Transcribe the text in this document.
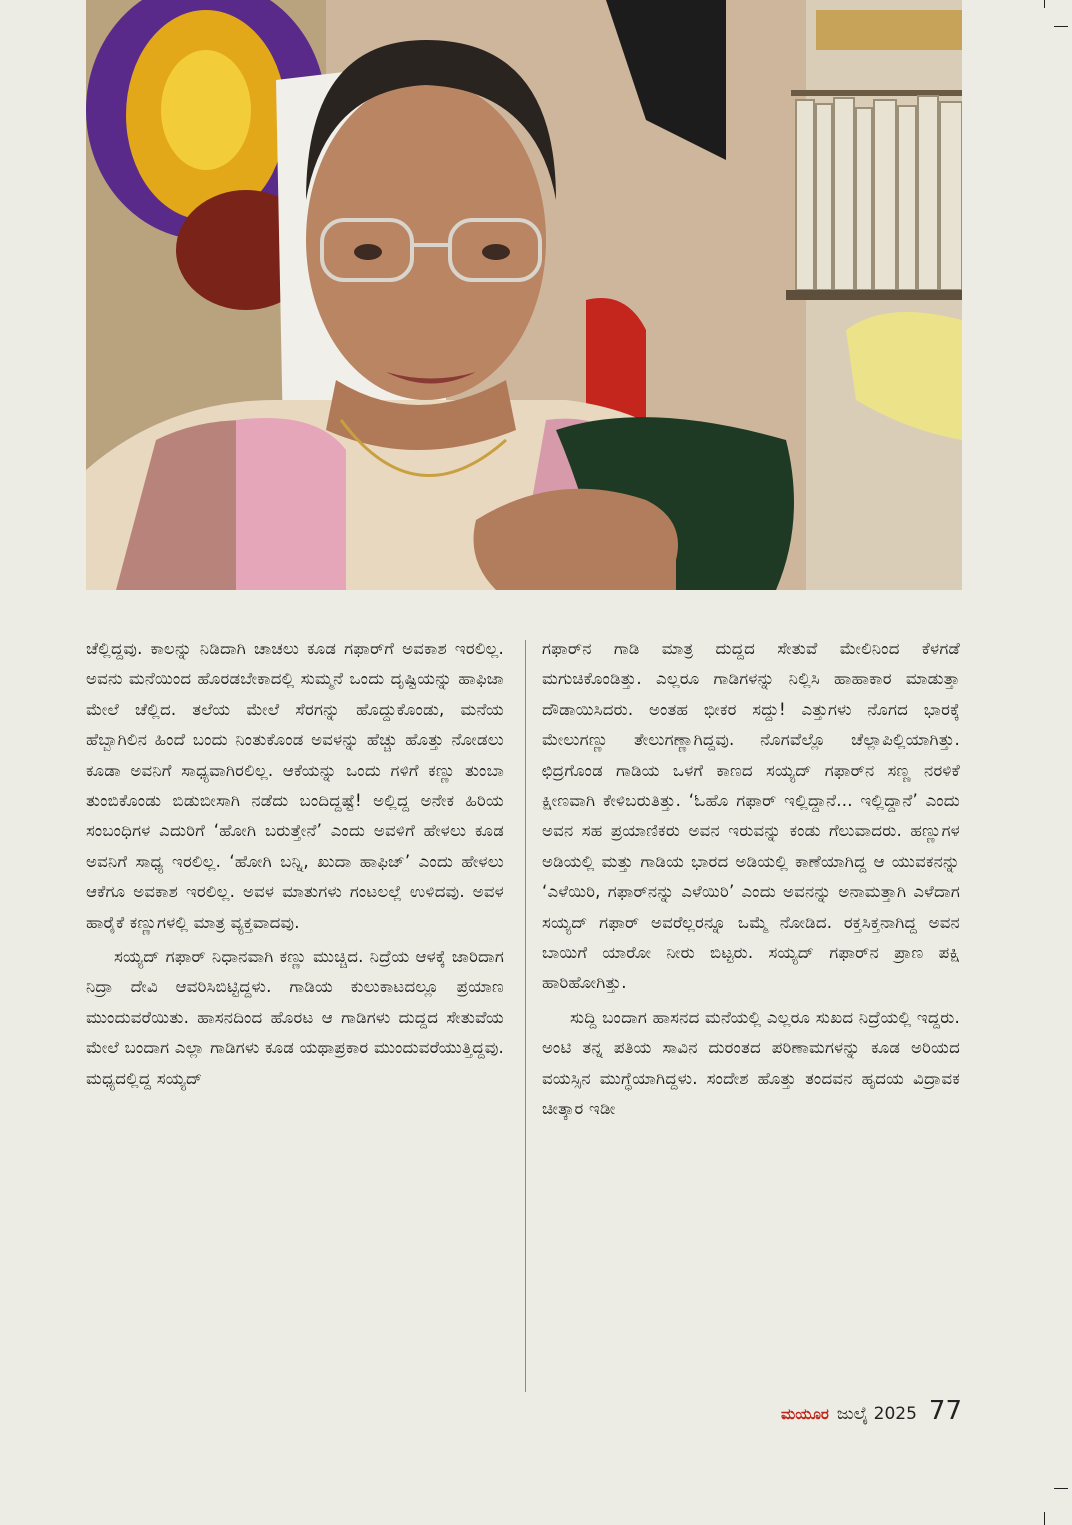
ಚೆಲ್ಲಿದ್ದವು. ಕಾಲನ್ನು ನಿಡಿದಾಗಿ ಚಾಚಲು ಕೂಡ ಗಫಾರ್‌ಗೆ ಅವಕಾಶ ಇರಲಿಲ್ಲ. ಅವನು ಮನೆಯಿಂದ ಹೊರಡಬೇಕಾದಲ್ಲಿ ಸುಮ್ಮನೆ ಒಂದು ದೃಷ್ಟಿಯನ್ನು ಹಾಫಿಜಾ ಮೇಲೆ ಚೆಲ್ಲಿದ. ತಲೆಯ ಮೇಲೆ ಸೆರಗನ್ನು ಹೊದ್ದುಕೊಂಡು, ಮನೆಯ ಹೆಬ್ಬಾಗಿಲಿನ ಹಿಂದೆ ಬಂದು ನಿಂತುಕೊಂಡ ಅವಳನ್ನು ಹೆಚ್ಚು ಹೊತ್ತು ನೋಡಲು ಕೂಡಾ ಅವನಿಗೆ ಸಾಧ್ಯವಾಗಿರಲಿಲ್ಲ. ಆಕೆಯನ್ನು ಒಂದು ಗಳಿಗೆ ಕಣ್ಣು ತುಂಬಾ ತುಂಬಿಕೊಂಡು ಬಿಡುಬೀಸಾಗಿ ನಡೆದು ಬಂದಿದ್ದಷ್ಟೆ! ಅಲ್ಲಿದ್ದ ಅನೇಕ ಹಿರಿಯ ಸಂಬಂಧಿಗಳ ಎದುರಿಗೆ ‘ಹೋಗಿ ಬರುತ್ತೇನೆ’ ಎಂದು ಅವಳಿಗೆ ಹೇಳಲು ಕೂಡ ಅವನಿಗೆ ಸಾಧ್ಯ ಇರಲಿಲ್ಲ. ‘ಹೋಗಿ ಬನ್ನಿ, ಖುದಾ ಹಾಫಿಜ್’ ಎಂದು ಹೇಳಲು ಆಕೆಗೂ ಅವಕಾಶ ಇರಲಿಲ್ಲ. ಅವಳ ಮಾತುಗಳು ಗಂಟಲಲ್ಲೆ ಉಳಿದವು. ಅವಳ ಹಾರೈಕೆ ಕಣ್ಣುಗಳಲ್ಲಿ ಮಾತ್ರ ವ್ಯಕ್ತವಾದವು.

ಸಯ್ಯದ್ ಗಫಾರ್ ನಿಧಾನವಾಗಿ ಕಣ್ಣು ಮುಚ್ಚಿದ. ನಿದ್ರೆಯ ಆಳಕ್ಕೆ ಜಾರಿದಾಗ ನಿದ್ರಾ ದೇವಿ ಆವರಿಸಿಬಿಟ್ಟಿದ್ದಳು. ಗಾಡಿಯ ಕುಲುಕಾಟದಲ್ಲೂ ಪ್ರಯಾಣ ಮುಂದುವರೆಯಿತು. ಹಾಸನದಿಂದ ಹೊರಟ ಆ ಗಾಡಿಗಳು ದುದ್ದದ ಸೇತುವೆಯ ಮೇಲೆ ಬಂದಾಗ ಎಲ್ಲಾ ಗಾಡಿಗಳು ಕೂಡ ಯಥಾಪ್ರಕಾರ ಮುಂದುವರೆಯುತ್ತಿದ್ದವು. ಮಧ್ಯದಲ್ಲಿದ್ದ ಸಯ್ಯದ್

ಗಫಾರ್‌ನ ಗಾಡಿ ಮಾತ್ರ ದುದ್ದದ ಸೇತುವೆ ಮೇಲಿನಿಂದ ಕೆಳಗಡೆ ಮಗುಚಿಕೊಂಡಿತ್ತು. ಎಲ್ಲರೂ ಗಾಡಿಗಳನ್ನು ನಿಲ್ಲಿಸಿ ಹಾಹಾಕಾರ ಮಾಡುತ್ತಾ ದೌಡಾಯಿಸಿದರು. ಅಂತಹ ಭೀಕರ ಸದ್ದು! ಎತ್ತುಗಳು ನೊಗದ ಭಾರಕ್ಕೆ ಮೇಲುಗಣ್ಣು ತೇಲುಗಣ್ಣಾಗಿದ್ದವು. ನೊಗವೆಲ್ಲೊ ಚೆಲ್ಲಾಪಿಲ್ಲಿಯಾಗಿತ್ತು. ಛಿದ್ರಗೊಂಡ ಗಾಡಿಯ ಒಳಗೆ ಕಾಣದ ಸಯ್ಯದ್ ಗಫಾರ್‌ನ ಸಣ್ಣ ನರಳಿಕೆ ಕ್ಷೀಣವಾಗಿ ಕೇಳಿಬರುತಿತ್ತು. ‘ಓಹೊ ಗಫಾರ್ ಇಲ್ಲಿದ್ದಾನೆ... ಇಲ್ಲಿದ್ದಾನೆ’ ಎಂದು ಅವನ ಸಹ ಪ್ರಯಾಣಿಕರು ಅವನ ಇರುವನ್ನು ಕಂಡು ಗೆಲುವಾದರು. ಹಣ್ಣುಗಳ ಅಡಿಯಲ್ಲಿ ಮತ್ತು ಗಾಡಿಯ ಭಾರದ ಅಡಿಯಲ್ಲಿ ಕಾಣೆಯಾಗಿದ್ದ ಆ ಯುವಕನನ್ನು ‘ಎಳೆಯಿರಿ, ಗಫಾರ್‌ನನ್ನು ಎಳೆಯಿರಿ’ ಎಂದು ಅವನನ್ನು ಅನಾಮತ್ತಾಗಿ ಎಳೆದಾಗ ಸಯ್ಯದ್ ಗಫಾರ್ ಅವರೆಲ್ಲರನ್ನೂ ಒಮ್ಮೆ ನೋಡಿದ. ರಕ್ತಸಿಕ್ತನಾಗಿದ್ದ ಅವನ ಬಾಯಿಗೆ ಯಾರೋ ನೀರು ಬಿಟ್ಟರು. ಸಯ್ಯದ್ ಗಫಾರ್‌ನ ಪ್ರಾಣ ಪಕ್ಷಿ ಹಾರಿಹೋಗಿತ್ತು.

ಸುದ್ದಿ ಬಂದಾಗ ಹಾಸನದ ಮನೆಯಲ್ಲಿ ಎಲ್ಲರೂ ಸುಖದ ನಿದ್ರೆಯಲ್ಲಿ ಇದ್ದರು. ಅಂಟಿ ತನ್ನ ಪತಿಯ ಸಾವಿನ ದುರಂತದ ಪರಿಣಾಮಗಳನ್ನು ಕೂಡ ಅರಿಯದ ವಯಸ್ಸಿನ ಮುಗ್ಧೆಯಾಗಿದ್ದಳು. ಸಂದೇಶ ಹೊತ್ತು ತಂದವನ ಹೃದಯ ವಿದ್ರಾವಕ ಚೀತ್ಕಾರ ಇಡೀ

ಮಯೂರ ಜುಲೈ 2025 77
